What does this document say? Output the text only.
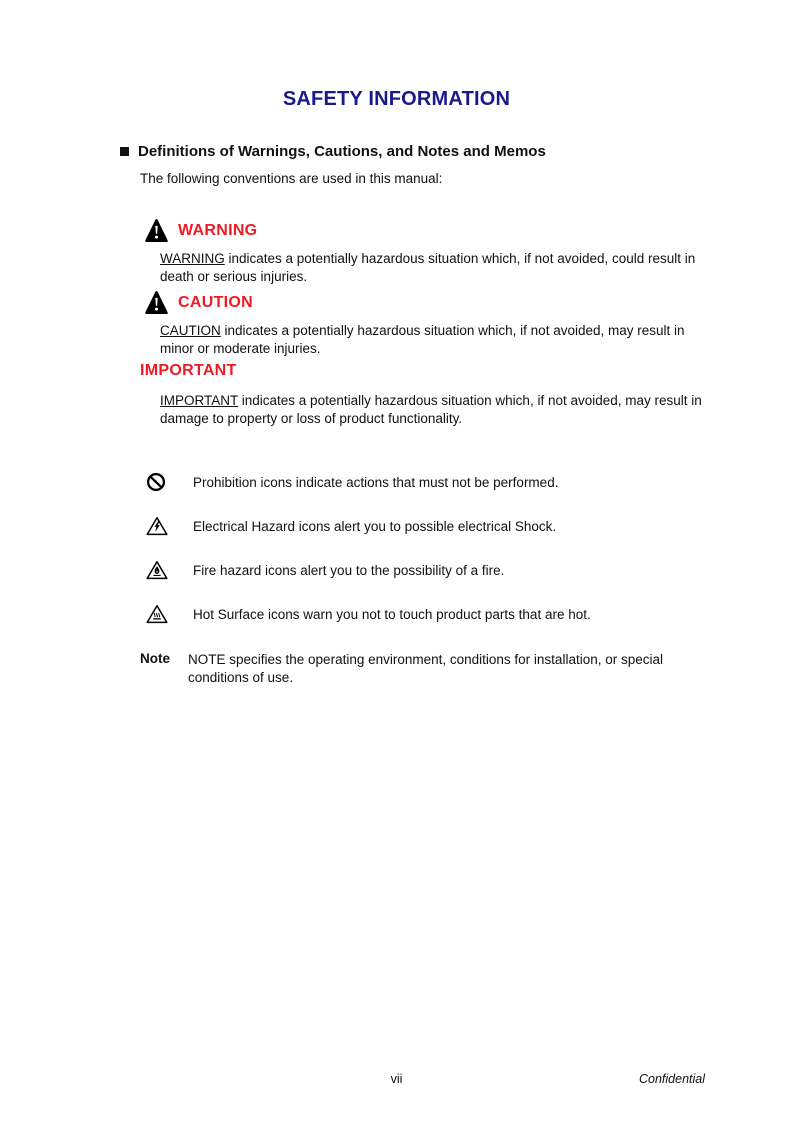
SAFETY INFORMATION
Definitions of Warnings, Cautions, and Notes and Memos

The following conventions are used in this manual:

WARNING

WARNING indicates a potentially hazardous situation which, if not avoided, could result in death or serious injuries.

CAUTION

CAUTION indicates a potentially hazardous situation which, if not avoided, may result in minor or moderate injuries.

IMPORTANT

IMPORTANT indicates a potentially hazardous situation which, if not avoided, may result in damage to property or loss of product functionality.

Prohibition icons indicate actions that must not be performed.
Electrical Hazard icons alert you to possible electrical Shock.
Fire hazard icons alert you to the possibility of a fire.
Hot Surface icons warn you not to touch product parts that are hot.
Note NOTE specifies the operating environment, conditions for installation, or special conditions of use.

vii	Confidential
